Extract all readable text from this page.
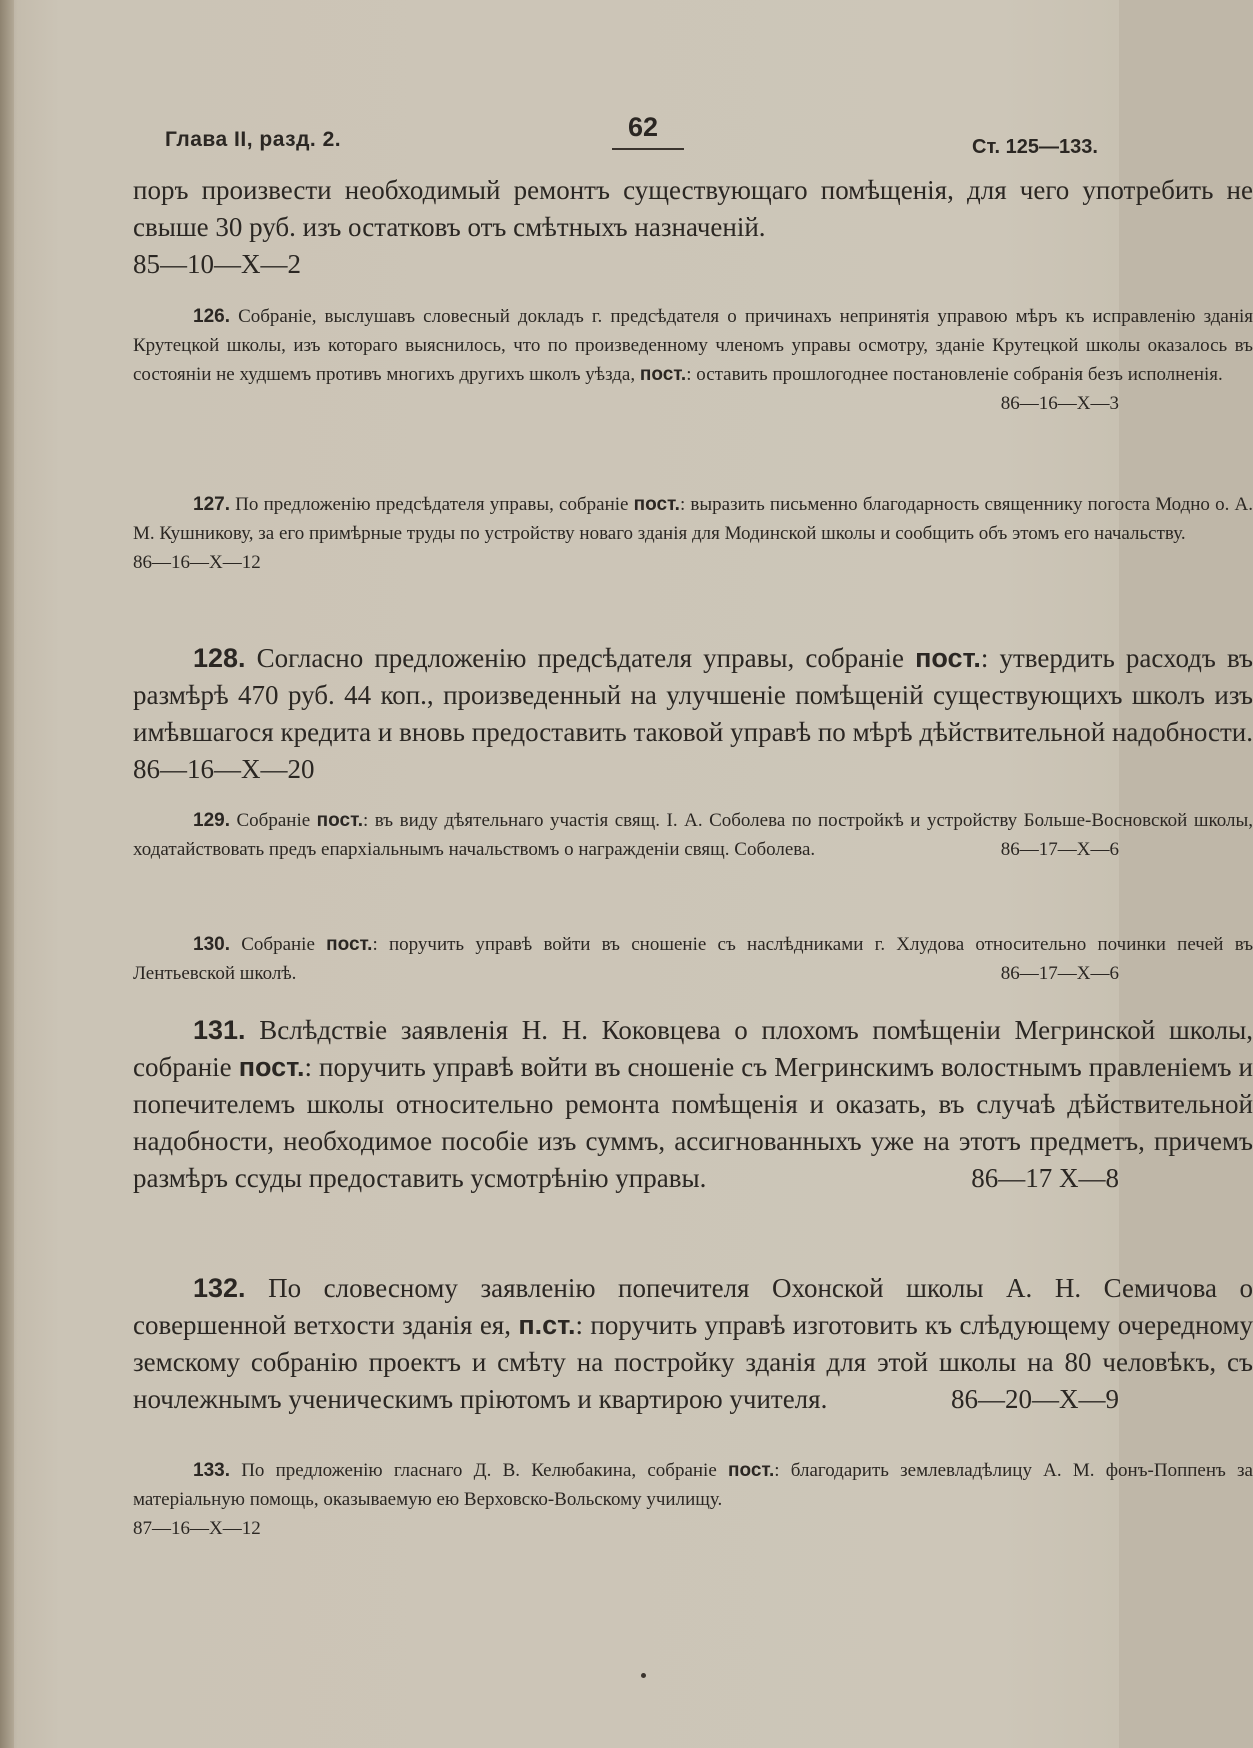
Глава II, разд. 2.	62
Ст. 125—133.
поръ произвести необходимый ремонтъ существующаго помѣщенія, для чего употребить не свыше 30 руб. изъ остатковъ отъ смѣтныхъ назначеній.
85—10—X—2
126. Собраніе, выслушавъ словесный докладъ г. предсѣдателя о причинахъ непринятія управою мѣръ къ исправленію зданія Крутецкой школы, изъ котораго выяснилось, что по произведенному членомъ управы осмотру, зданіе Крутецкой школы оказалось въ состояніи не худшемъ противъ многихъ другихъ школъ уѣзда, пост.: оставить прошлогоднее постановленіе собранія безъ исполненія.
86—16—X—3
127. По предложенію предсѣдателя управы, собраніе пост.: выразить письменно благодарность священнику погоста Модно о. А. М. Кушникову, за его примѣрные труды по устройству новаго зданія для Модинской школы и сообщить объ этомъ его начальству.
86—16—X—12
128. Согласно предложенію предсѣдателя управы, собраніе пост.: утвердить расходъ въ размѣрѣ 470 руб. 44 коп., произведенный на улучшеніе помѣщеній существующихъ школъ изъ имѣвшагося кредита и вновь предоставить таковой управѣ по мѣрѣ дѣйствительной надобности. 86—16—X—20
129. Собраніе пост.: въ виду дѣятельнаго участія свящ. І. А. Соболева по постройкѣ и устройству Больше-Восновской школы, ходатайствовать предъ епархіальнымъ начальствомъ о награжденіи свящ. Соболева.	86—17—X—6
130. Собраніе пост.: поручить управѣ войти въ сношеніе съ наслѣдниками г. Хлудова относительно починки печей въ Лентьевской школѣ.	86—17—X—6
131. Вслѣдствіе заявленія Н. Н. Коковцева о плохомъ помѣщеніи Мегринской школы, собраніе пост.: поручить управѣ войти въ сношеніе съ Мегринскимъ волостнымъ правленіемъ и попечителемъ школы относительно ремонта помѣщенія и оказать, въ случаѣ дѣйствительной надобности, необходимое пособіе изъ суммъ, ассигнованныхъ уже на этотъ предметъ, причемъ размѣръ ссуды предоставить усмотрѣнію управы.	86—17 X—8
132. По словесному заявленію попечителя Охонской школы А. Н. Семичова о совершенной ветхости зданія ея, п.ст.: поручить управѣ изготовить къ слѣдующему очередному земскому собранію проектъ и смѣту на постройку зданія для этой школы на 80 человѣкъ, съ ночлежнымъ ученическимъ пріютомъ и квартирою учителя.	86—20—X—9
133. По предложенію гласнаго Д. В. Келюбакина, собраніе пост.: благодарить землевладѣлицу А. М. фонъ-Поппенъ за матеріальную помощь, оказываемую ею Верховско-Вольскому училищу.
87—16—X—12
